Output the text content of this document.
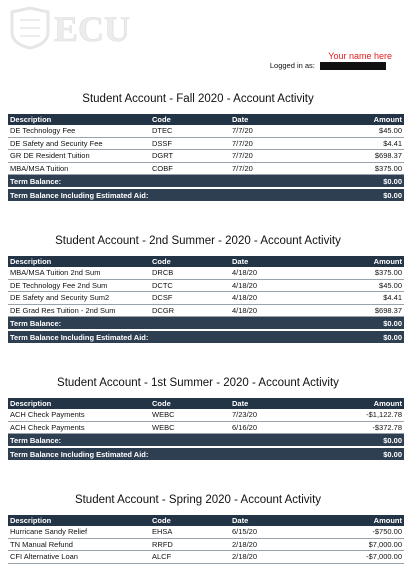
ECU
Your name here
Logged in as:
Student Account - Fall 2020 - Account Activity
Description	Code	Date	Amount
DE Technology Fee	DTEC	7/7/20	$45.00
DE Safety and Security Fee	DSSF	7/7/20	$4.41
GR DE Resident Tuition	DGRT	7/7/20	$698.37
MBA/MSA Tuition	COBF	7/7/20	$375.00
Term Balance:			$0.00
Term Balance Including Estimated Aid:			$0.00
Student Account - 2nd Summer - 2020 - Account Activity
Description	Code	Date	Amount
MBA/MSA Tuition 2nd Sum	DRCB	4/18/20	$375.00
DE Technology Fee 2nd Sum	DCTC	4/18/20	$45.00
DE Safety and Security Sum2	DCSF	4/18/20	$4.41
DE Grad Res Tuition - 2nd Sum	DCGR	4/18/20	$698.37
Term Balance:			$0.00
Term Balance Including Estimated Aid:			$0.00
Student Account - 1st Summer - 2020 - Account Activity
Description	Code	Date	Amount
ACH Check Payments	WEBC	7/23/20	-$1,122.78
ACH Check Payments	WEBC	6/16/20	-$372.78
Term Balance:			$0.00
Term Balance Including Estimated Aid:			$0.00
Student Account - Spring 2020 - Account Activity
Description	Code	Date	Amount
Hurricane Sandy Relief	EHSA	6/15/20	-$750.00
TN Manual Refund	RRFD	2/18/20	$7,000.00
CFI Alternative Loan	ALCF	2/18/20	-$7,000.00
